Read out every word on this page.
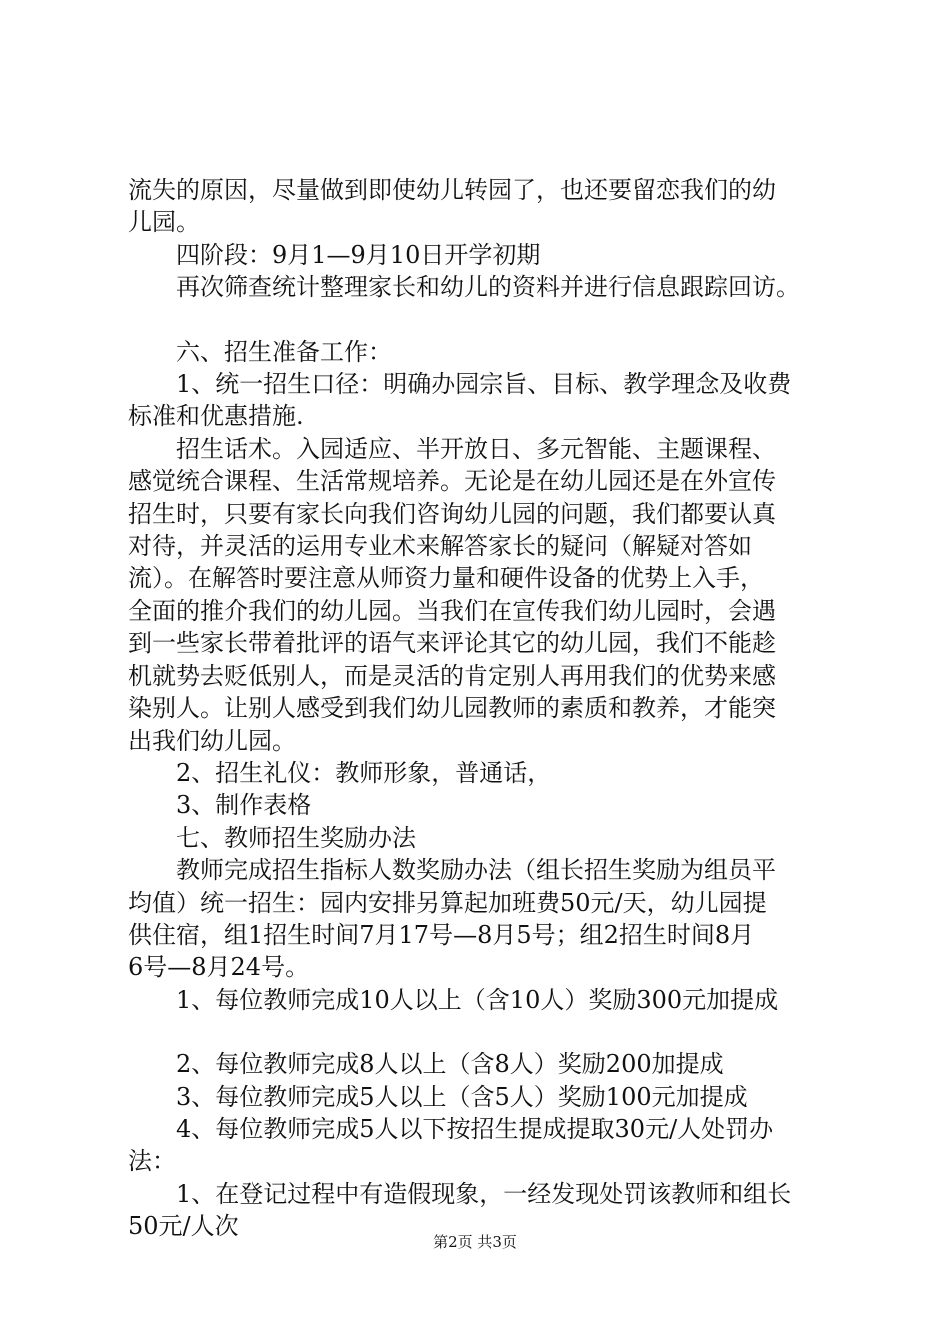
流失的原因，尽量做到即使幼儿转园了，也还要留恋我们的幼

儿园。

　　四阶段：9月1—9月10日开学初期

　　再次筛查统计整理家长和幼儿的资料并进行信息跟踪回访。

　　六、招生准备工作：

　　1、统一招生口径：明确办园宗旨、目标、教学理念及收费

标准和优惠措施.

　　招生话术。入园适应、半开放日、多元智能、主题课程、

感觉统合课程、生活常规培养。无论是在幼儿园还是在外宣传

招生时，只要有家长向我们咨询幼儿园的问题，我们都要认真

对待，并灵活的运用专业术来解答家长的疑问（解疑对答如

流）。在解答时要注意从师资力量和硬件设备的优势上入手，

全面的推介我们的幼儿园。当我们在宣传我们幼儿园时，会遇

到一些家长带着批评的语气来评论其它的幼儿园，我们不能趁

机就势去贬低别人，而是灵活的肯定别人再用我们的优势来感

染别人。让别人感受到我们幼儿园教师的素质和教养，才能突

出我们幼儿园。

　　2、招生礼仪：教师形象，普通话，

　　3、制作表格

　　七、教师招生奖励办法

　　教师完成招生指标人数奖励办法（组长招生奖励为组员平

均值）统一招生：园内安排另算起加班费50元/天，幼儿园提

供住宿，组1招生时间7月17号—8月5号；组2招生时间8月

6号—8月24号。

　　1、每位教师完成10人以上（含10人）奖励300元加提成

　　2、每位教师完成8人以上（含8人）奖励200加提成

　　3、每位教师完成5人以上（含5人）奖励100元加提成

　　4、每位教师完成5人以下按招生提成提取30元/人处罚办

法：

　　1、在登记过程中有造假现象，一经发现处罚该教师和组长

50元/人次

第2页 共3页
